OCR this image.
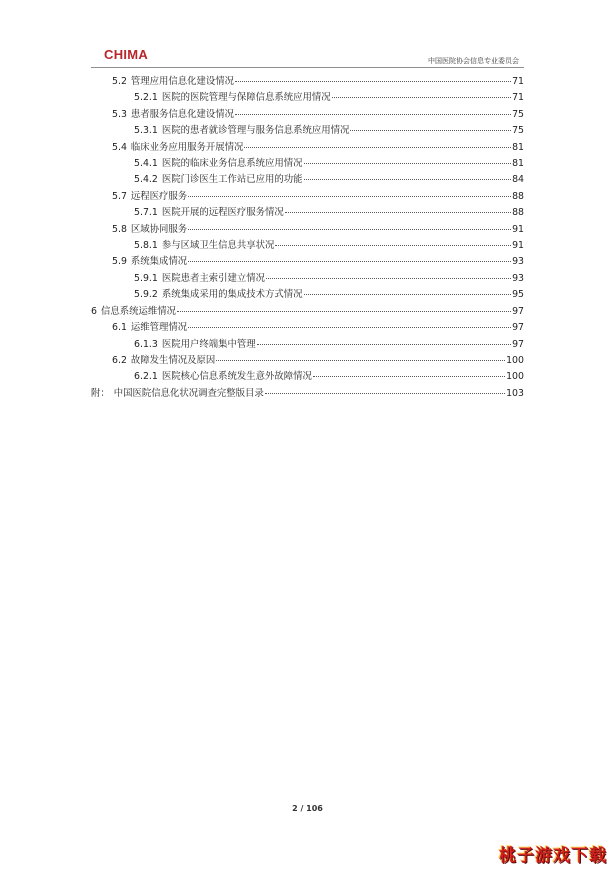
CHIMA	中国医院协会信息专业委员会
5.2 管理应用信息化建设情况	71
5.2.1 医院的医院管理与保障信息系统应用情况	71
5.3 患者服务信息化建设情况	75
5.3.1 医院的患者就诊管理与服务信息系统应用情况	75
5.4 临床业务应用服务开展情况	81
5.4.1 医院的临床业务信息系统应用情况	81
5.4.2 医院门诊医生工作站已应用的功能	84
5.7 远程医疗服务	88
5.7.1 医院开展的远程医疗服务情况	88
5.8 区域协同服务	91
5.8.1 参与区域卫生信息共享状况	91
5.9 系统集成情况	93
5.9.1 医院患者主索引建立情况	93
5.9.2 系统集成采用的集成技术方式情况	95
6 信息系统运维情况	97
6.1 运维管理情况	97
6.1.3 医院用户终端集中管理	97
6.2 故障发生情况及原因	100
6.2.1 医院核心信息系统发生意外故障情况	100
附： 中国医院信息化状况调查完整版目录	103
2 / 106
桃子游戏下载
